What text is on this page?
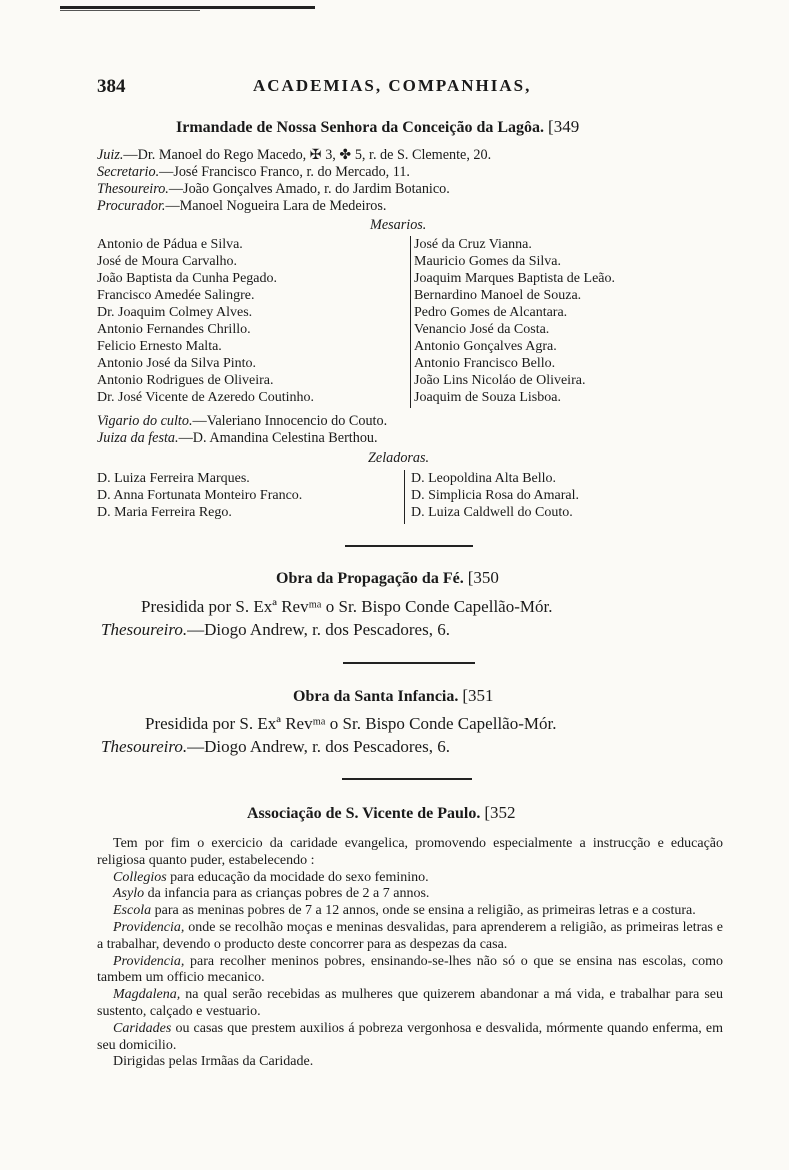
384	ACADEMIAS, COMPANHIAS,
Irmandade de Nossa Senhora da Conceição da Lagôa. [349
Juiz.—Dr. Manoel do Rego Macedo, ✠ 3, ✤ 5, r. de S. Clemente, 20.
Secretario.—José Francisco Franco, r. do Mercado, 11.
Thesoureiro.—João Gonçalves Amado, r. do Jardim Botanico.
Procurador.—Manoel Nogueira Lara de Medeiros.
Mesarios.
Antonio de Pádua e Silva.
José de Moura Carvalho.
João Baptista da Cunha Pegado.
Francisco Amedée Salingre.
Dr. Joaquim Colmey Alves.
Antonio Fernandes Chrillo.
Felicio Ernesto Malta.
Antonio José da Silva Pinto.
Antonio Rodrigues de Oliveira.
Dr. José Vicente de Azeredo Coutinho.
José da Cruz Vianna.
Mauricio Gomes da Silva.
Joaquim Marques Baptista de Leão.
Bernardino Manoel de Souza.
Pedro Gomes de Alcantara.
Venancio José da Costa.
Antonio Gonçalves Agra.
Antonio Francisco Bello.
João Lins Nicoláo de Oliveira.
Joaquim de Souza Lisboa.
Vigario do culto.—Valeriano Innocencio do Couto.
Juiza da festa.—D. Amandina Celestina Berthou.
Zeladoras.
D. Luiza Ferreira Marques.
D. Anna Fortunata Monteiro Franco.
D. Maria Ferreira Rego.
D. Leopoldina Alta Bello.
D. Simplicia Rosa do Amaral.
D. Luiza Caldwell do Couto.
Obra da Propagação da Fé. [350
Presidida por S. Exª Revᵐᵃ o Sr. Bispo Conde Capellão-Mór.
Thesoureiro.—Diogo Andrew, r. dos Pescadores, 6.
Obra da Santa Infancia. [351
Presidida por S. Exª Revᵐᵃ o Sr. Bispo Conde Capellão-Mór.
Thesoureiro.—Diogo Andrew, r. dos Pescadores, 6.
Associação de S. Vicente de Paulo. [352

Tem por fim o exercicio da caridade evangelica, promovendo especialmente a instrucção e educação religiosa quanto puder, estabelecendo :

Collegios para educação da mocidade do sexo feminino.

Asylo da infancia para as crianças pobres de 2 a 7 annos.

Escola para as meninas pobres de 7 a 12 annos, onde se ensina a religião, as primeiras letras e a costura.

Providencia, onde se recolhão moças e meninas desvalidas, para aprenderem a religião, as primeiras letras e a trabalhar, devendo o producto deste concorrer para as despezas da casa.

Providencia, para recolher meninos pobres, ensinando-se-lhes não só o que se ensina nas escolas, como tambem um officio mecanico.

Magdalena, na qual serão recebidas as mulheres que quizerem abandonar a má vida, e trabalhar para seu sustento, calçado e vestuario.

Caridades ou casas que prestem auxilios á pobreza vergonhosa e desvalida, mórmente quando enferma, em seu domicilio.

Dirigidas pelas Irmãas da Caridade.
